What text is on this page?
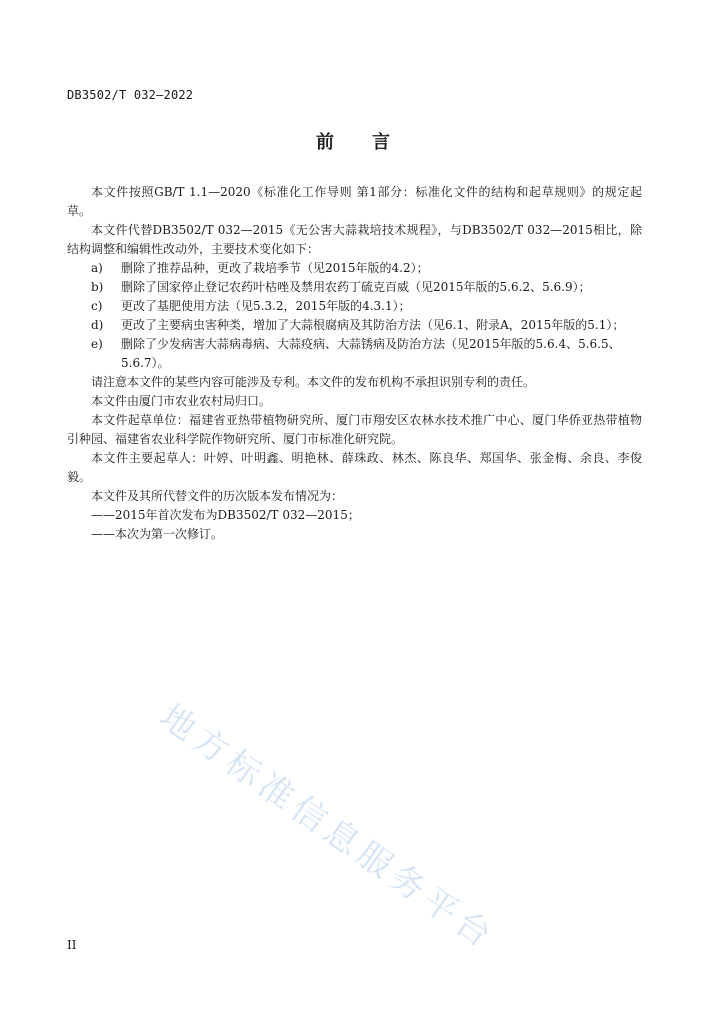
DB3502/T 032—2022
前言

本文件按照GB/T 1.1—2020《标准化工作导则 第1部分：标准化文件的结构和起草规则》的规定起草。

本文件代替DB3502/T 032—2015《无公害大蒜栽培技术规程》，与DB3502/T 032—2015相比，除结构调整和编辑性改动外，主要技术变化如下：

a)	删除了推荐品种，更改了栽培季节（见2015年版的4.2）；
b)	删除了国家停止登记农药叶枯唑及禁用农药丁硫克百威（见2015年版的5.6.2、5.6.9）；
c)	更改了基肥使用方法（见5.3.2，2015年版的4.3.1）；
d)	更改了主要病虫害种类，增加了大蒜根腐病及其防治方法（见6.1、附录A，2015年版的5.1）；
e)	删除了少发病害大蒜病毒病、大蒜疫病、大蒜锈病及防治方法（见2015年版的5.6.4、5.6.5、5.6.7）。

请注意本文件的某些内容可能涉及专利。本文件的发布机构不承担识别专利的责任。

本文件由厦门市农业农村局归口。

本文件起草单位：福建省亚热带植物研究所、厦门市翔安区农林水技术推广中心、厦门华侨亚热带植物引种园、福建省农业科学院作物研究所、厦门市标准化研究院。

本文件主要起草人：叶婷、叶明鑫、明艳林、薛珠政、林杰、陈良华、郑国华、张金梅、余良、李俊毅。

本文件及其所代替文件的历次版本发布情况为：

——2015年首次发布为DB3502/T 032—2015；

——本次为第一次修订。

地方标准信息服务平台
II
